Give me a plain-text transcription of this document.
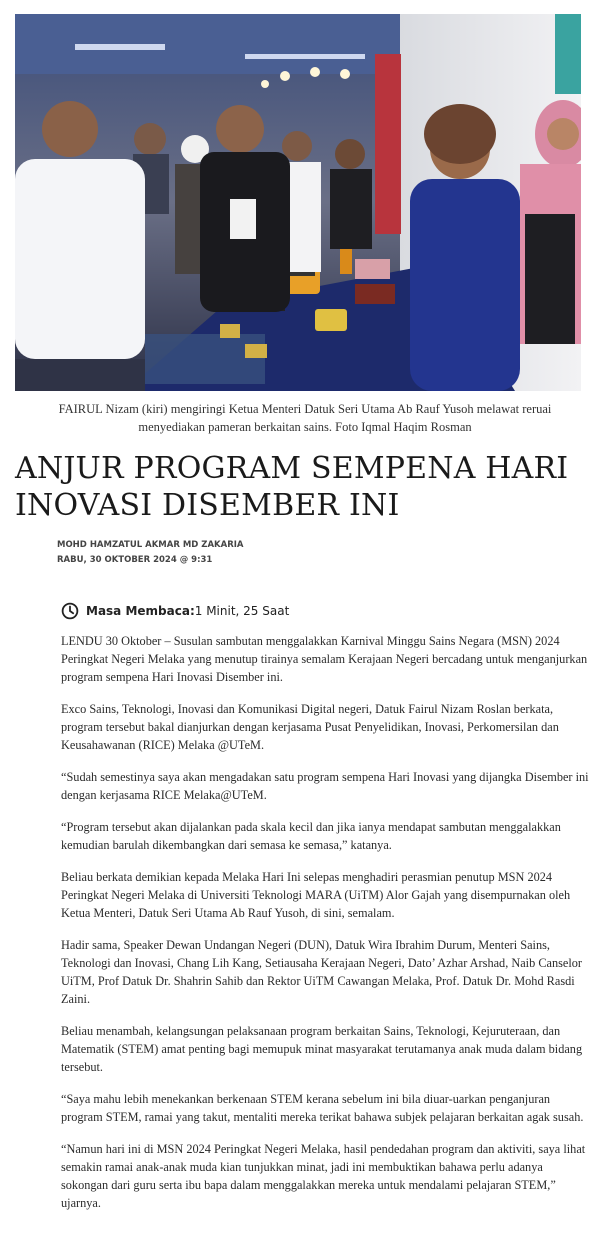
FAIRUL Nizam (kiri) mengiringi Ketua Menteri Datuk Seri Utama Ab Rauf Yusoh melawat reruai menyediakan pameran berkaitan sains. Foto Iqmal Haqim Rosman
ANJUR PROGRAM SEMPENA HARI INOVASI DISEMBER INI
MOHD HAMZATUL AKMAR MD ZAKARIA
RABU, 30 OKTOBER 2024 @ 9:31
Masa Membaca: 1 Minit, 25 Saat

LENDU 30 Oktober – Susulan sambutan menggalakkan Karnival Minggu Sains Negara (MSN) 2024 Peringkat Negeri Melaka yang menutup tirainya semalam Kerajaan Negeri bercadang untuk menganjurkan program sempena Hari Inovasi Disember ini.

Exco Sains, Teknologi, Inovasi dan Komunikasi Digital negeri, Datuk Fairul Nizam Roslan berkata, program tersebut bakal dianjurkan dengan kerjasama Pusat Penyelidikan, Inovasi, Perkomersilan dan Keusahawanan (RICE) Melaka @UTeM.

“Sudah semestinya saya akan mengadakan satu program sempena Hari Inovasi yang dijangka Disember ini dengan kerjasama RICE Melaka@UTeM.

“Program tersebut akan dijalankan pada skala kecil dan jika ianya mendapat sambutan menggalakkan kemudian barulah dikembangkan dari semasa ke semasa,” katanya.

Beliau berkata demikian kepada Melaka Hari Ini selepas menghadiri perasmian penutup MSN 2024 Peringkat Negeri Melaka di Universiti Teknologi MARA (UiTM) Alor Gajah yang disempurnakan oleh Ketua Menteri, Datuk Seri Utama Ab Rauf Yusoh, di sini, semalam.

Hadir sama, Speaker Dewan Undangan Negeri (DUN), Datuk Wira Ibrahim Durum, Menteri Sains, Teknologi dan Inovasi, Chang Lih Kang, Setiausaha Kerajaan Negeri, Dato’ Azhar Arshad, Naib Canselor UiTM, Prof Datuk Dr. Shahrin Sahib dan Rektor UiTM Cawangan Melaka, Prof. Datuk Dr. Mohd Rasdi Zaini.

Beliau menambah, kelangsungan pelaksanaan program berkaitan Sains, Teknologi, Kejuruteraan, dan Matematik (STEM) amat penting bagi memupuk minat masyarakat terutamanya anak muda dalam bidang tersebut.

“Saya mahu lebih menekankan berkenaan STEM kerana sebelum ini bila diuar-uarkan penganjuran program STEM, ramai yang takut, mentaliti mereka terikat bahawa subjek pelajaran berkaitan agak susah.

“Namun hari ini di MSN 2024 Peringkat Negeri Melaka, hasil pendedahan program dan aktiviti, saya lihat semakin ramai anak-anak muda kian tunjukkan minat, jadi ini membuktikan bahawa perlu adanya sokongan dari guru serta ibu bapa dalam menggalakkan mereka untuk mendalami pelajaran STEM,” ujarnya.
